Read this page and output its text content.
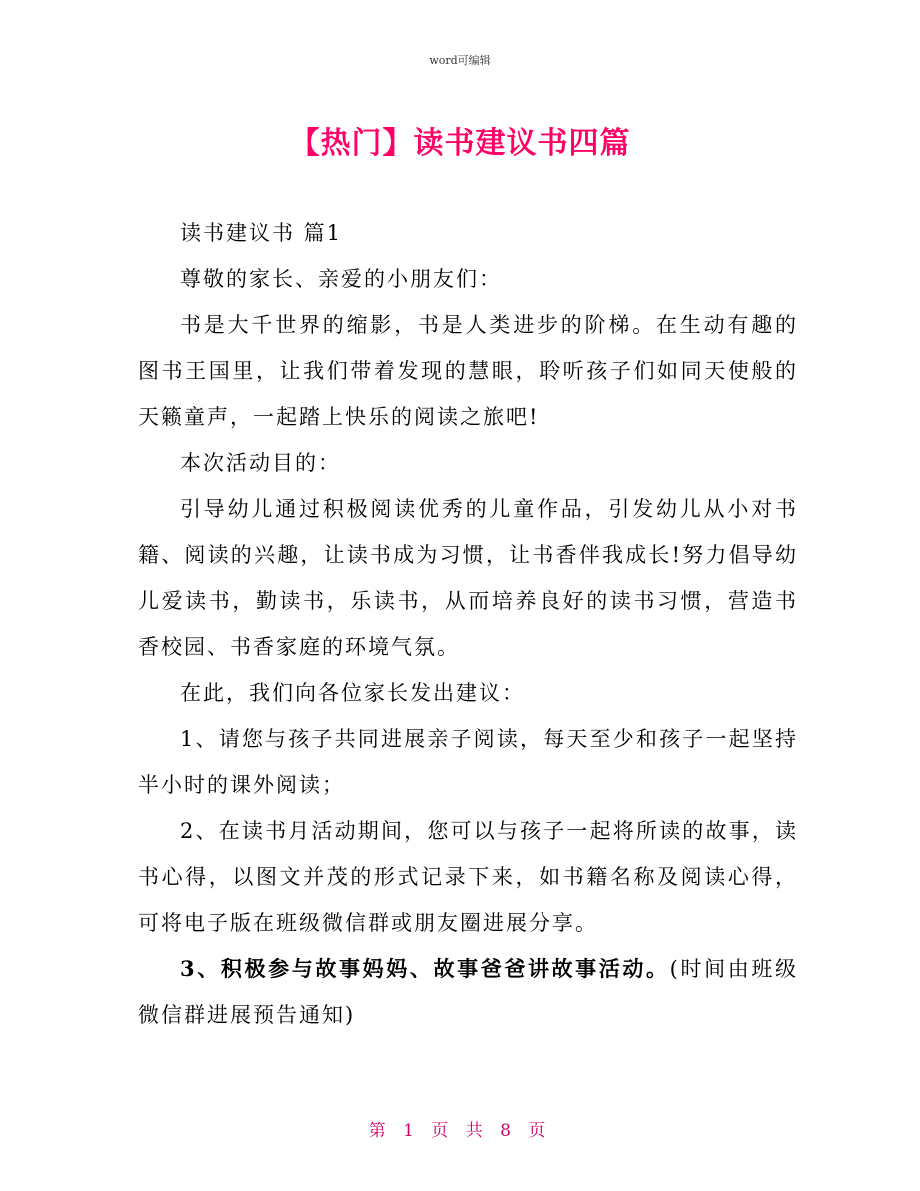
word可编辑
【热门】读书建议书四篇

读书建议书 篇1

尊敬的家长、亲爱的小朋友们：

书是大千世界的缩影，书是人类进步的阶梯。在生动有趣的图书王国里，让我们带着发现的慧眼，聆听孩子们如同天使般的天籁童声，一起踏上快乐的阅读之旅吧!

本次活动目的：

引导幼儿通过积极阅读优秀的儿童作品，引发幼儿从小对书籍、阅读的兴趣，让读书成为习惯，让书香伴我成长!努力倡导幼儿爱读书，勤读书，乐读书，从而培养良好的读书习惯，营造书香校园、书香家庭的环境气氛。

在此，我们向各位家长发出建议：

1、请您与孩子共同进展亲子阅读，每天至少和孩子一起坚持半小时的课外阅读；

2、在读书月活动期间，您可以与孩子一起将所读的故事，读书心得，以图文并茂的形式记录下来，如书籍名称及阅读心得，可将电子版在班级微信群或朋友圈进展分享。

3、积极参与故事妈妈、故事爸爸讲故事活动。(时间由班级微信群进展预告通知)

第 1 页 共 8 页
